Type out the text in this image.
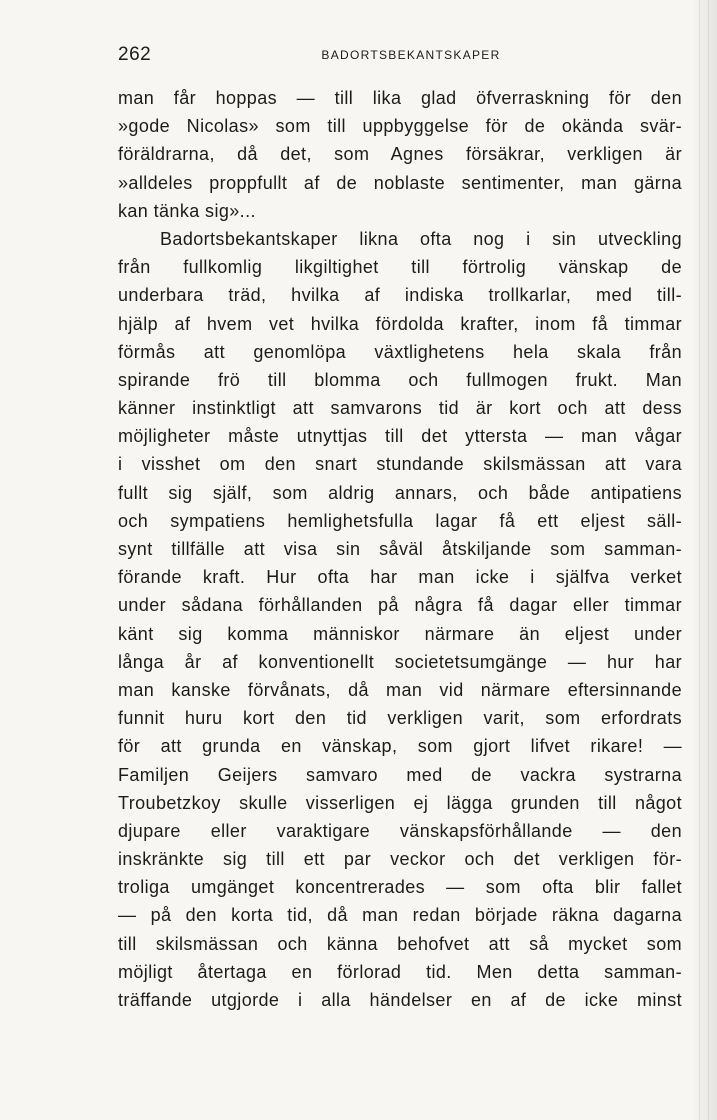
262	BADORTSBEKANTSKAPER
man får hoppas — till lika glad öfverraskning för den
»gode Nicolas» som till uppbyggelse för de okända svär-
föräldrarna, då det, som Agnes försäkrar, verkligen är
»alldeles proppfullt af de noblaste sentimenter, man gärna
kan tänka sig»...
Badortsbekantskaper likna ofta nog i sin utveckling
från fullkomlig likgiltighet till förtrolig vänskap de
underbara träd, hvilka af indiska trollkarlar, med till-
hjälp af hvem vet hvilka fördolda krafter, inom få timmar
förmås att genomlöpa växtlighetens hela skala från
spirande frö till blomma och fullmogen frukt. Man
känner instinktligt att samvarons tid är kort och att dess
möjligheter måste utnyttjas till det yttersta — man vågar
i visshet om den snart stundande skilsmässan att vara
fullt sig själf, som aldrig annars, och både antipatiens
och sympatiens hemlighetsfulla lagar få ett eljest säll-
synt tillfälle att visa sin såväl åtskiljande som samman-
förande kraft. Hur ofta har man icke i själfva verket
under sådana förhållanden på några få dagar eller timmar
känt sig komma människor närmare än eljest under
långa år af konventionellt societetsumgänge — hur har
man kanske förvånats, då man vid närmare eftersinnande
funnit huru kort den tid verkligen varit, som erfordrats
för att grunda en vänskap, som gjort lifvet rikare! —
Familjen Geijers samvaro med de vackra systrarna
Troubetzkoy skulle visserligen ej lägga grunden till något
djupare eller varaktigare vänskapsförhållande — den
inskränkte sig till ett par veckor och det verkligen för-
troliga umgänget koncentrerades — som ofta blir fallet
— på den korta tid, då man redan började räkna dagarna
till skilsmässan och känna behofvet att så mycket som
möjligt återtaga en förlorad tid. Men detta samman-
träffande utgjorde i alla händelser en af de icke minst
